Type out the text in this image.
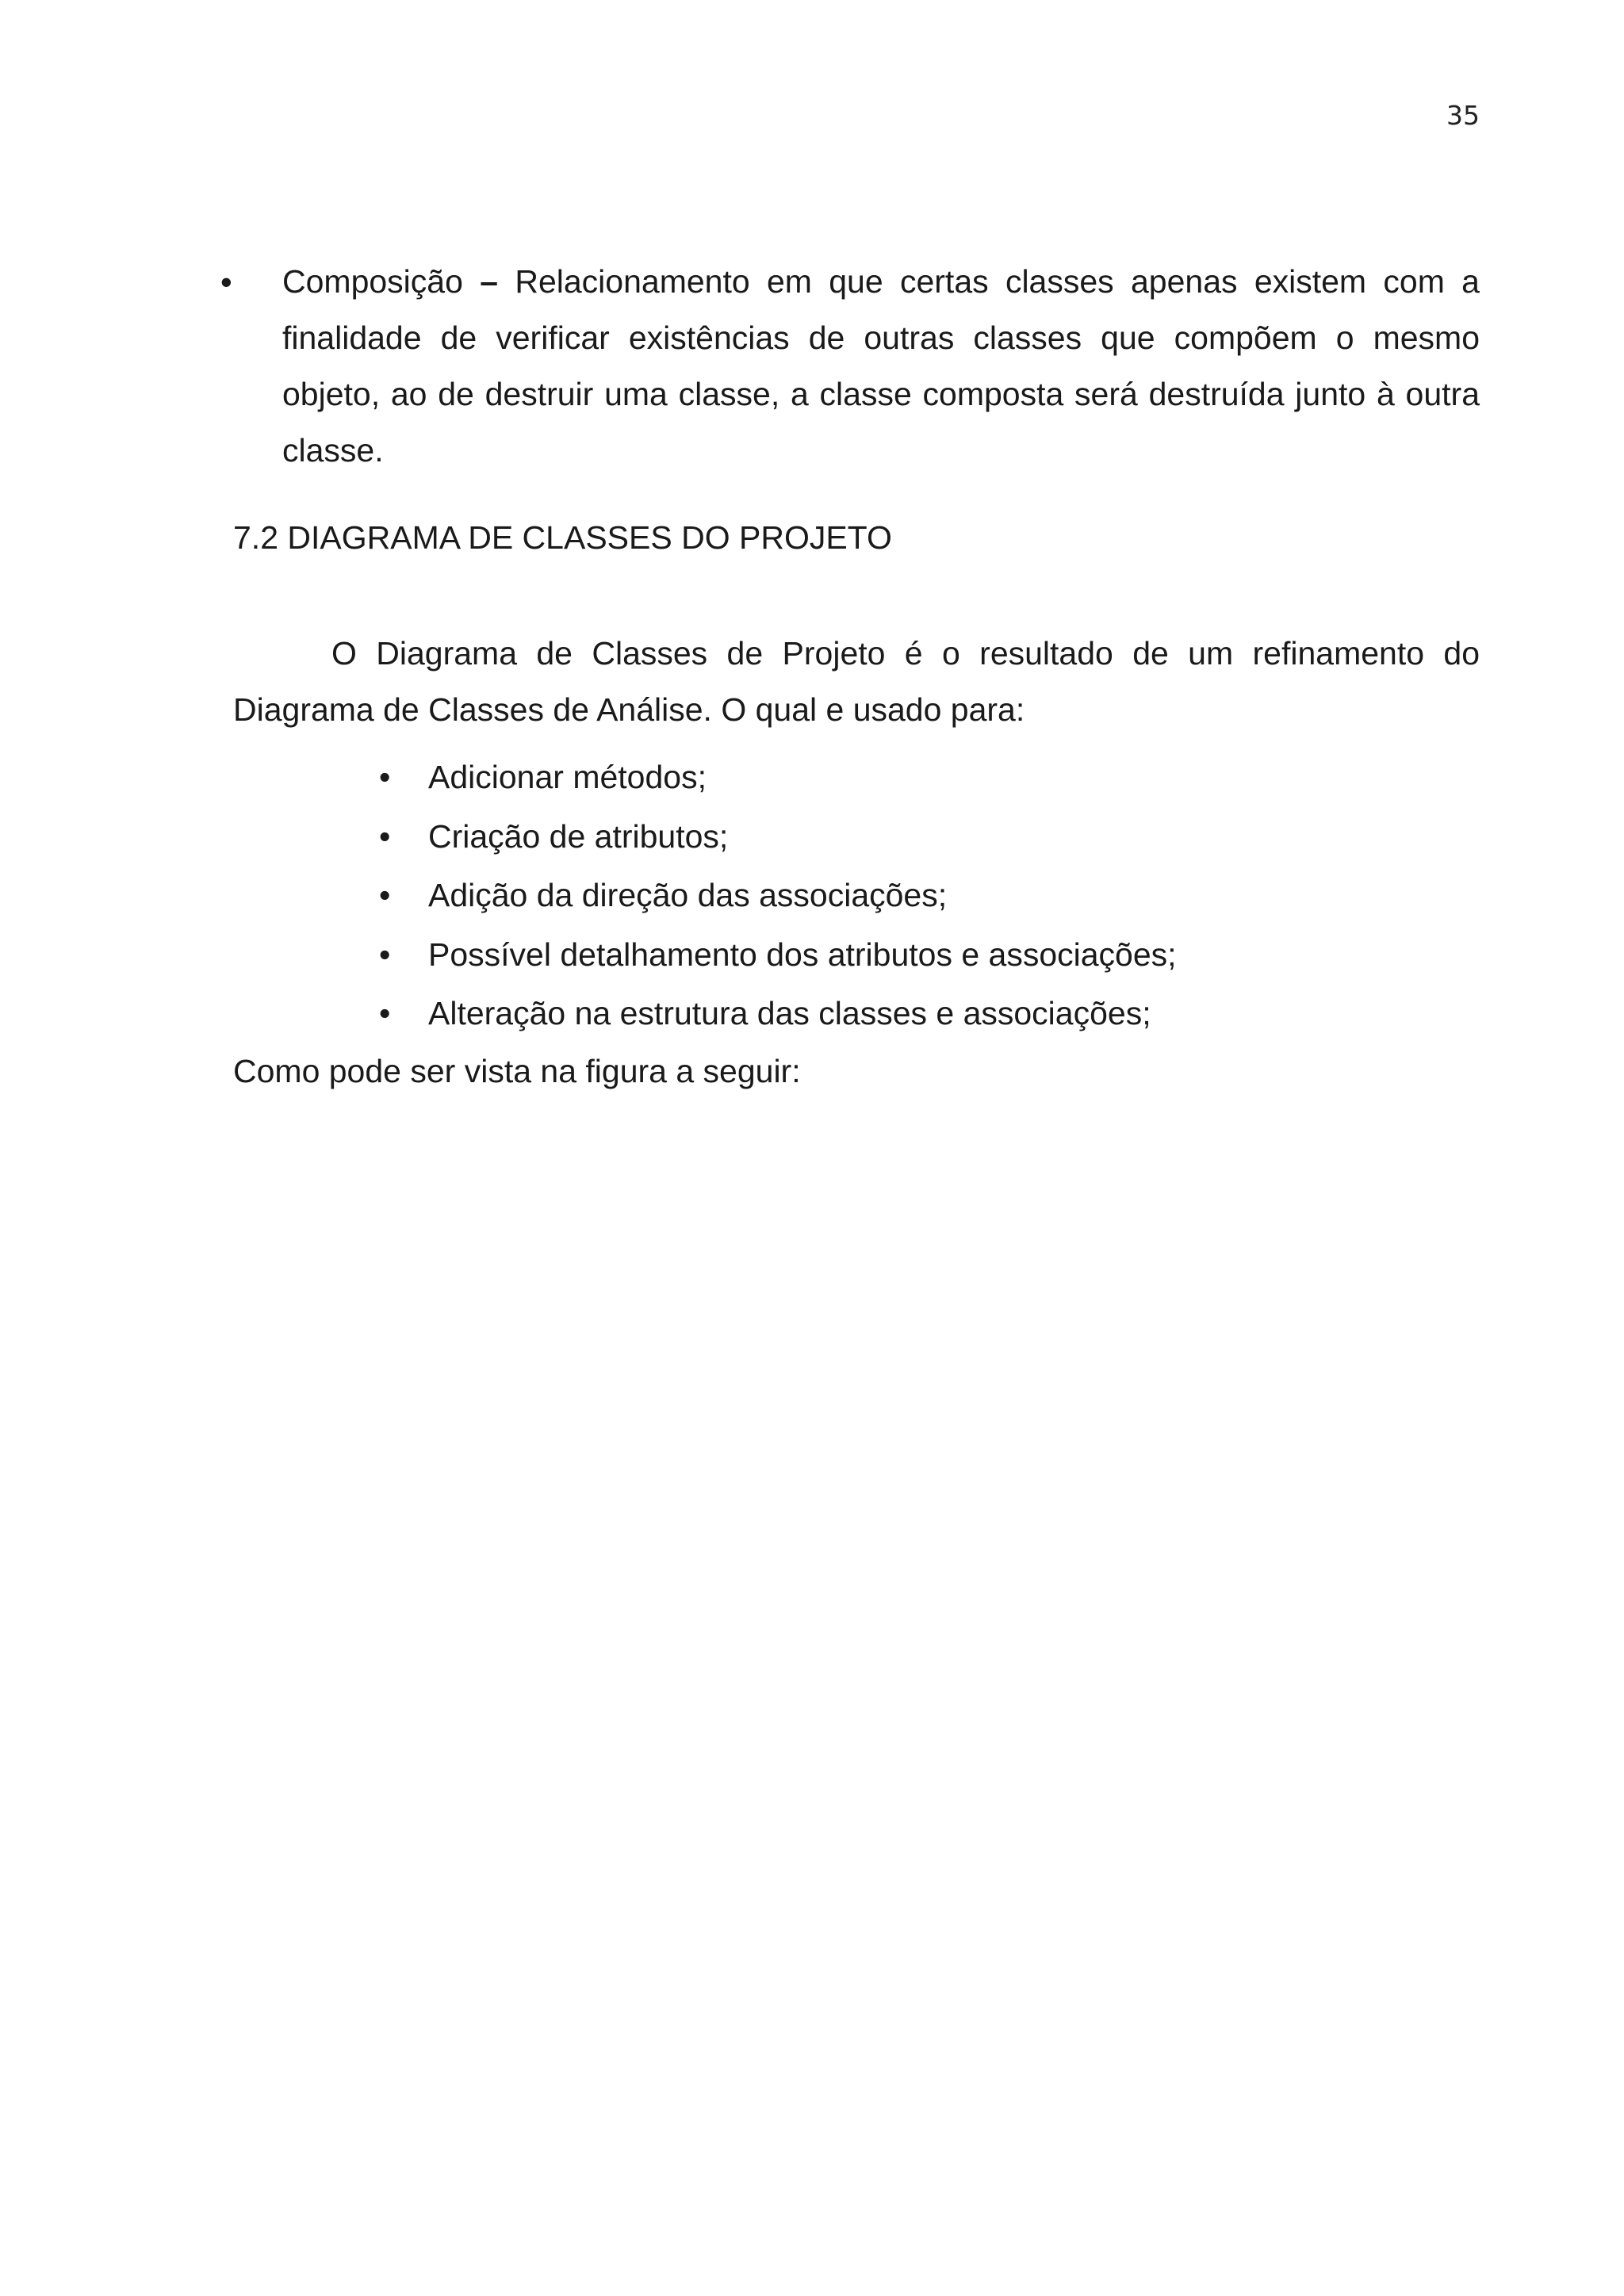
35
• Composição – Relacionamento em que certas classes apenas existem com a finalidade de verificar existências de outras classes que compõem o mesmo objeto, ao de destruir uma classe, a classe composta será destruída junto à outra classe.

7.2 DIAGRAMA DE CLASSES DO PROJETO

O Diagrama de Classes de Projeto é o resultado de um refinamento do Diagrama de Classes de Análise. O qual e usado para:

• Adicionar métodos;
• Criação de atributos;
• Adição da direção das associações;
• Possível detalhamento dos atributos e associações;
• Alteração na estrutura das classes e associações;

Como pode ser vista na figura a seguir:
